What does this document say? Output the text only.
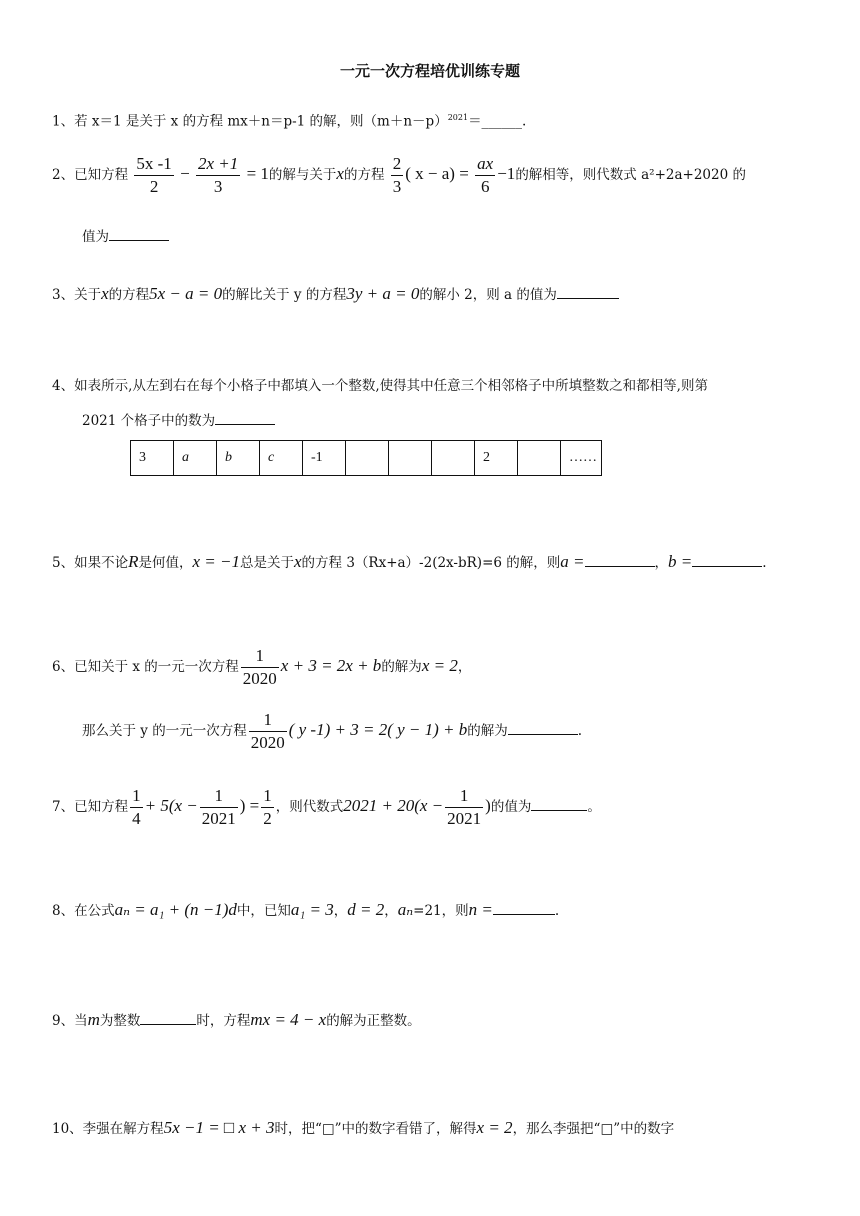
一元一次方程培优训练专题
1、若 x＝1 是关于 x 的方程 mx＋n＝p-1 的解，则$(m+n-p)^{2021}=\_\_\_\_\_\_$.
2、已知方程 $\frac{5x -1}{2} - \frac{2x +1}{3} = 1$的解与关于x的方程 $\frac{2}{3}$ ( $x - a) = \frac{ax}{6} -1$的解相等，则代数式 a²+2a+2020 的
值为
3、关于x的方程5x − a = 0的解比关于 y 的方程3y + a = 0的解小 2，则 a 的值为
4、如表所示,从左到右在每个小格子中都填入一个整数,使得其中任意三个相邻格子中所填整数之和都相等,则第
2021 个格子中的数为
3	a	b	c	-1				2		……
5、如果不论R是何值，x = −1总是关于x的方程 3（Rx+a）-2(2x-bR)=6 的解，则a =	，b =	.
6、已知关于 x 的一元一次方程 $\frac{1}{2020}$ x + 3 = 2x + b的解为x = 2，
那么关于 y 的一元一次方程 $\frac{1}{2020}$ ( y -1) + 3 = 2( y − 1) + b的解为	.
7、已知方程 $\frac{1}{4} + 5(x - \frac{1}{2021}$ ) = $\frac{1}{2}$ ，则代数式$2021 + 20(x - \frac{1}{2021}$ )的值为	。
8、在公式aₙ = a₁ + (n −1)d中，已知a₁ = 3，d = 2，aₙ=21，则n =	.
9、当m为整数	时，方程mx = 4 − x的解为正整数。
10、李强在解方程5x −1 = □ x + 3时，把“□”中的数字看错了，解得x = 2，那么李强把“□”中的数字
